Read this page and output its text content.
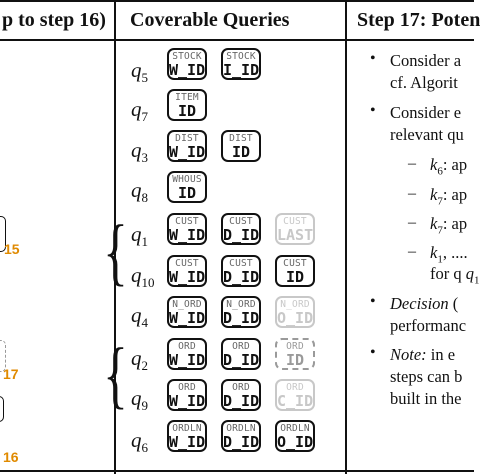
p to step 16) Coverable Queries	Step 17: Poten
15
17
16
{
{
$q_5$
$q_7$
$q_3$
$q_8$
$q_1$
$q_{10}$
$q_4$
$q_2$
$q_9$
$q_6$
STOCK
W_ID
STOCK
I_ID
ITEM
ID
DIST
W_ID
DIST
ID
WHOUS
ID
CUST
W_ID
CUST
D_ID
CUST
LAST
CUST
W_ID
CUST
D_ID
CUST
ID
N_ORD
W_ID
N_ORD
D_ID
N_ORD
O_ID
ORD
W_ID
ORD
D_ID
ORD
ID
ORD
W_ID
ORD
D_ID
ORD
C_ID
ORDLN
W_ID
ORDLN
D_ID
ORDLN
O_ID
• Consider a
cf. Algorit
• Consider e
relevant qu
– $k_6$: ap
– $k_7$: ap
– $k_7$: ap
– $k_1$, ....
for q $q_1$
• Decision (
performanc
• Note: in e
steps can b
built in the
